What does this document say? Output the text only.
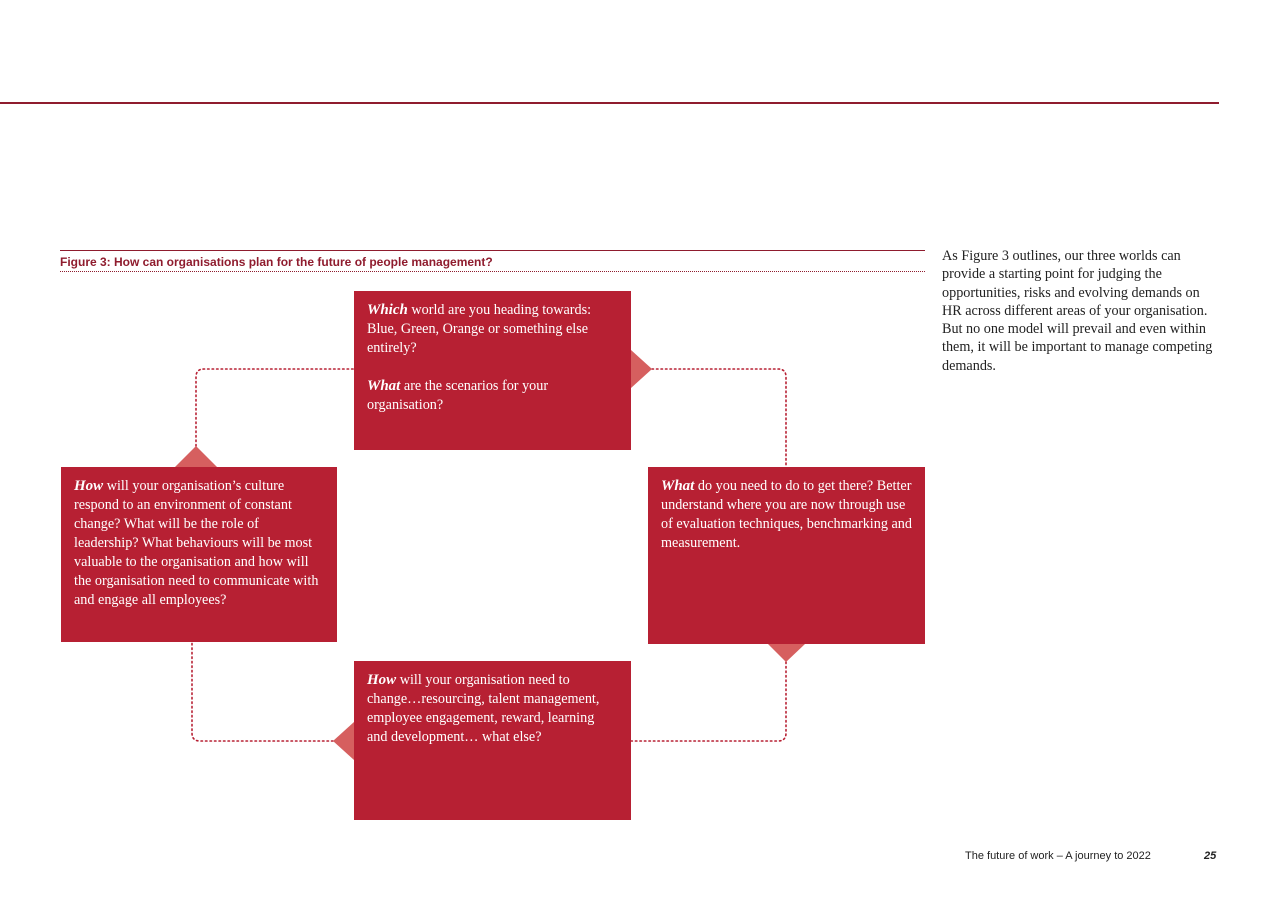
Figure 3: How can organisations plan for the future of people management?	As Figure 3 outlines, our three worlds can provide a starting point for judging the opportunities, risks and evolving demands on HR across different areas of your organisation. But no one model will prevail and even within them, it will be important to manage competing demands.

Which world are you heading towards: Blue, Green, Orange or something else entirely?

What are the scenarios for your organisation?

What do you need to do to get there? Better understand where you are now through use of evaluation techniques, benchmarking and measurement.

How will your organisation need to change…resourcing, talent management, employee engagement, reward, learning and development… what else?

How will your organisation’s culture respond to an environment of constant change? What will be the role of leadership? What behaviours will be most valuable to the organisation and how will the organisation need to communicate with and engage all employees?

The future of work – A journey to 2022	25
